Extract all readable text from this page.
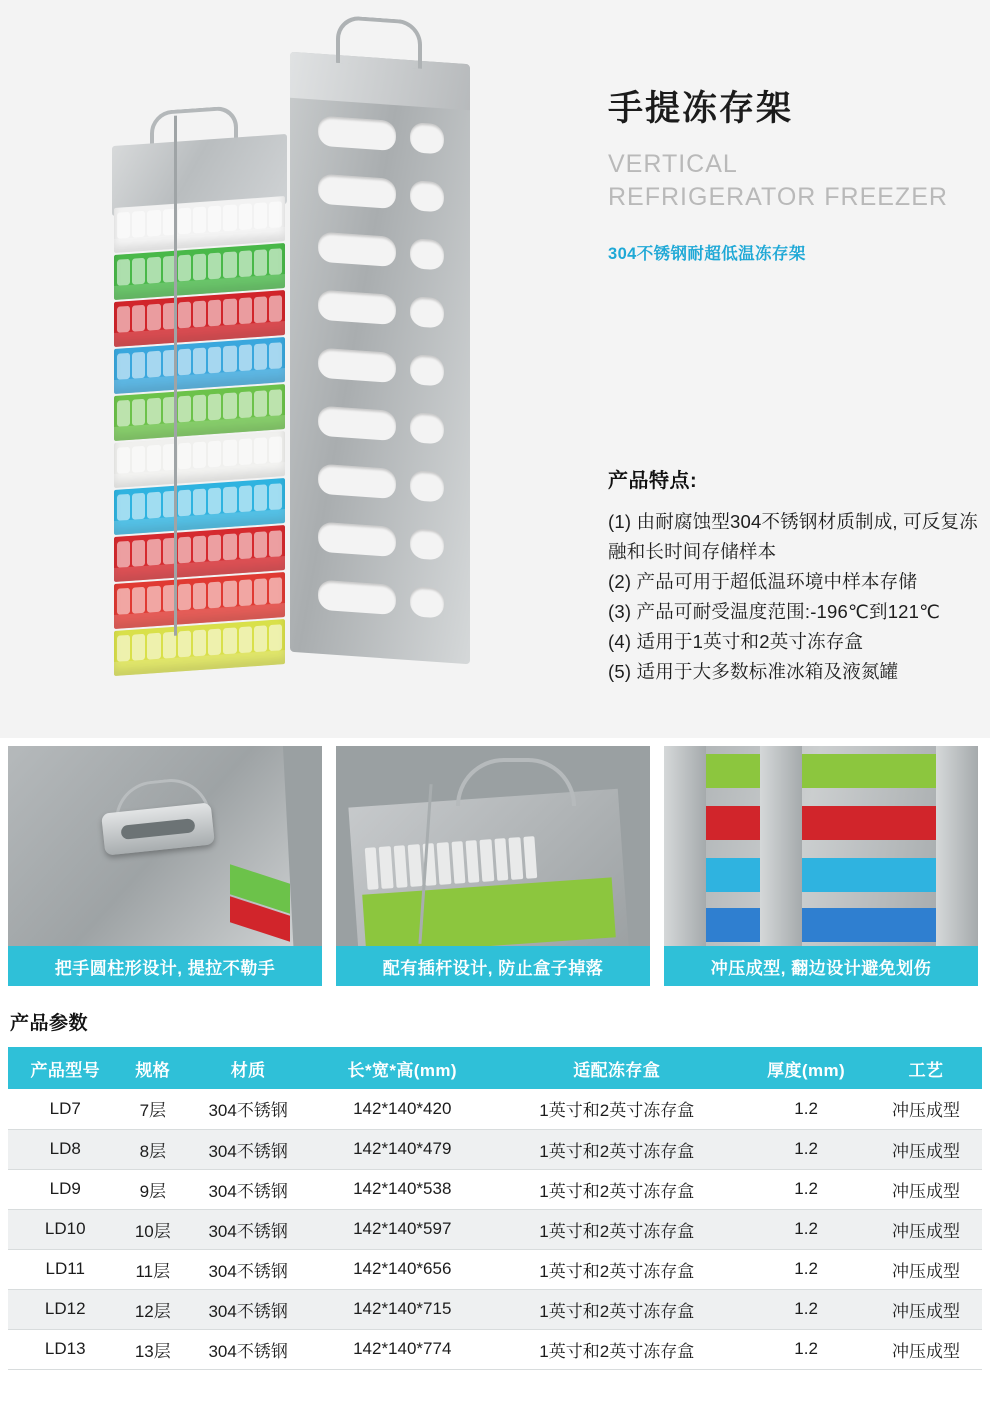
手提冻存架
VERTICAL
REFRIGERATOR FREEZER
304不锈钢耐超低温冻存架
产品特点:
(1) 由耐腐蚀型304不锈钢材质制成, 可反复冻融和长时间存储样本
(2) 产品可用于超低温环境中样本存储
(3) 产品可耐受温度范围:-196℃到121℃
(4) 适用于1英寸和2英寸冻存盒
(5) 适用于大多数标准冰箱及液氮罐
把手圆柱形设计, 提拉不勒手	配有插杆设计, 防止盒子掉落	冲压成型, 翻边设计避免划伤
产品参数
产品型号	规格	材质	长*宽*高(mm)	适配冻存盒	厚度(mm)	工艺
LD7	7层	304不锈钢	142*140*420	1英寸和2英寸冻存盒	1.2	冲压成型
LD8	8层	304不锈钢	142*140*479	1英寸和2英寸冻存盒	1.2	冲压成型
LD9	9层	304不锈钢	142*140*538	1英寸和2英寸冻存盒	1.2	冲压成型
LD10	10层	304不锈钢	142*140*597	1英寸和2英寸冻存盒	1.2	冲压成型
LD11	11层	304不锈钢	142*140*656	1英寸和2英寸冻存盒	1.2	冲压成型
LD12	12层	304不锈钢	142*140*715	1英寸和2英寸冻存盒	1.2	冲压成型
LD13	13层	304不锈钢	142*140*774	1英寸和2英寸冻存盒	1.2	冲压成型
